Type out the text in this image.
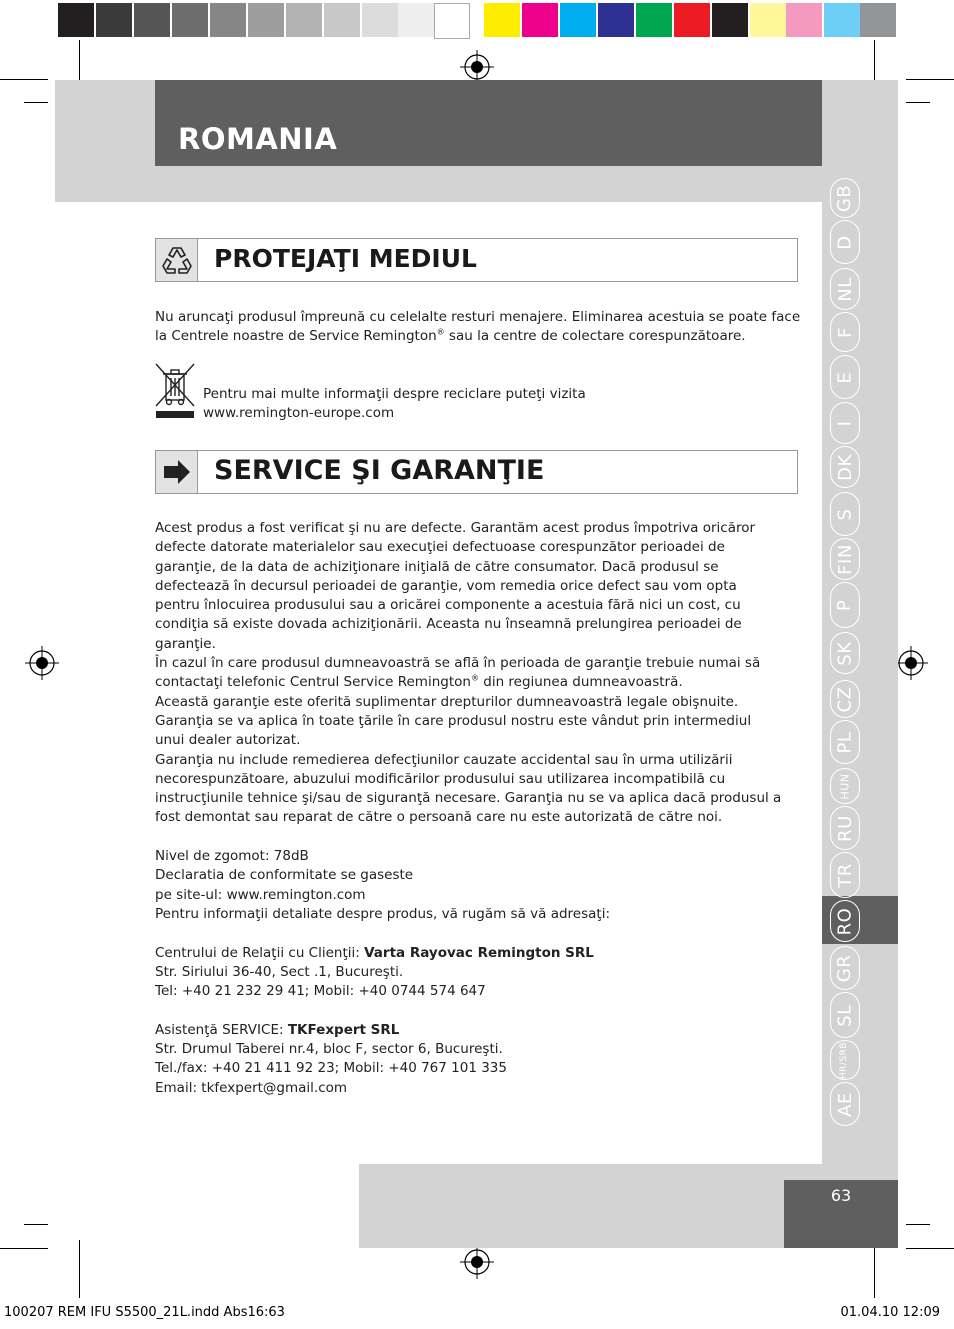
ROMANIA
GB
D
NL
F
E
I
DK
S
FIN
P
SK
CZ
PL
HUN
RU
TR
RO
GR
SL
HR/SRB
AE
63
PROTEJAŢI MEDIUL
Nu aruncaţi produsul împreună cu celelalte resturi menajere. Eliminarea acestuia se poate face
la Centrele noastre de Service Remington® sau la centre de colectare corespunzătoare.
Pentru mai multe informaţii despre reciclare puteţi vizita
www.remington-europe.com
SERVICE ŞI GARANŢIE
Acest produs a fost verificat şi nu are defecte. Garantăm acest produs împotriva oricăror
defecte datorate materialelor sau execuţiei defectuoase corespunzător perioadei de
garanţie, de la data de achiziţionare iniţială de către consumator. Dacă produsul se
defectează în decursul perioadei de garanţie, vom remedia orice defect sau vom opta
pentru înlocuirea produsului sau a oricărei componente a acestuia fără nici un cost, cu
condiţia să existe dovada achiziţionării. Aceasta nu înseamnă prelungirea perioadei de
garanţie.
În cazul în care produsul dumneavoastră se află în perioada de garanţie trebuie numai să
contactaţi telefonic Centrul Service Remington® din regiunea dumneavoastră.
Această garanţie este oferită suplimentar drepturilor dumneavoastră legale obişnuite.
Garanţia se va aplica în toate ţările în care produsul nostru este vândut prin intermediul
unui dealer autorizat.
Garanţia nu include remedierea defecţiunilor cauzate accidental sau în urma utilizării
necorespunzătoare, abuzului modificărilor produsului sau utilizarea incompatibilă cu
instrucţiunile tehnice şi/sau de siguranţă necesare. Garanţia nu se va aplica dacă produsul a
fost demontat sau reparat de către o persoană care nu este autorizată de către noi.
Nivel de zgomot: 78dB
Declaratia de conformitate se gaseste
pe site-ul: www.remington.com
Pentru informaţii detaliate despre produs, vă rugăm să vă adresaţi:
Centrului de Relaţii cu Clienţii: Varta Rayovac Remington SRL
Str. Siriului 36-40, Sect .1, Bucureşti.
Tel: +40 21 232 29 41; Mobil: +40 0744 574 647
Asistenţă SERVICE: TKFexpert SRL
Str. Drumul Taberei nr.4, bloc F, sector 6, Bucureşti.
Tel./fax: +40 21 411 92 23; Mobil: +40 767 101 335
Email: tkfexpert@gmail.com
100207 REM IFU S5500_21L.indd Abs16:63	01.04.10 12:09
